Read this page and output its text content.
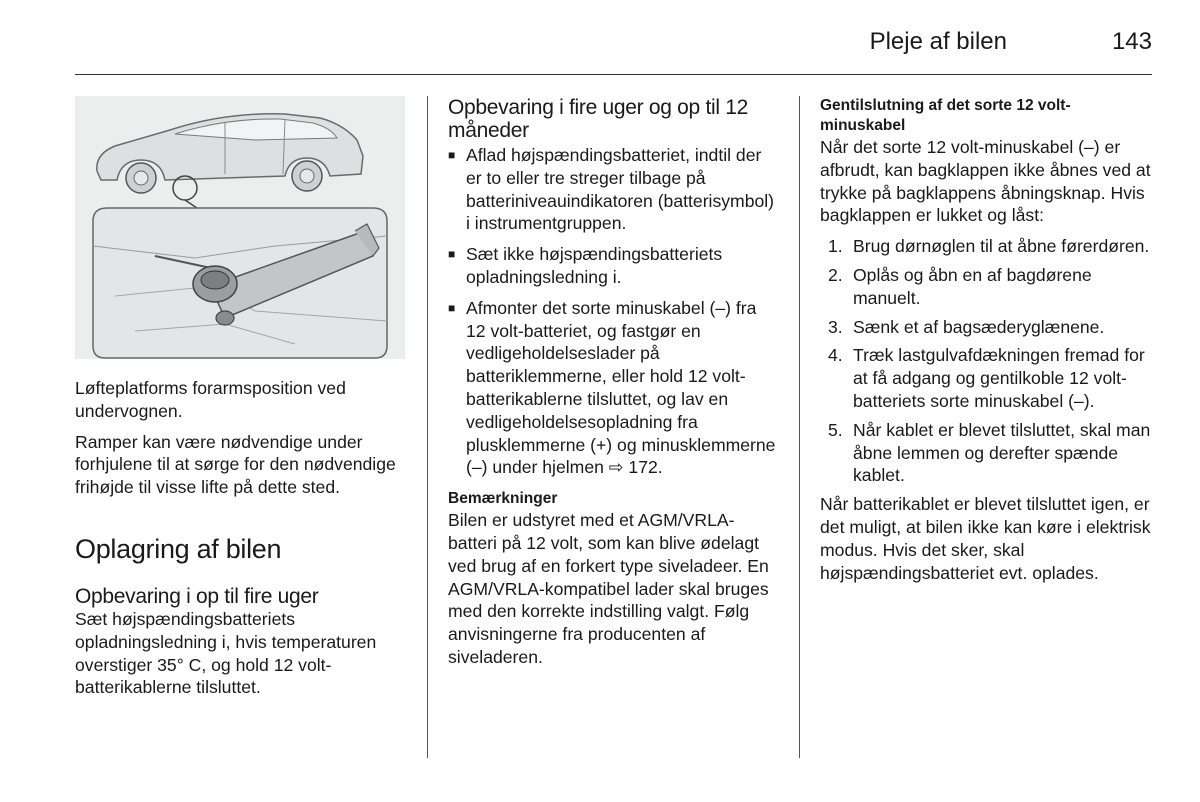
Pleje af bilen	143

Løfteplatforms forarmsposition ved undervognen.

Ramper kan være nødvendige under forhjulene til at sørge for den nødvendige frihøjde til visse lifte på dette sted.

Oplagring af bilen
Opbevaring i op til fire uger

Sæt højspændingsbatteriets opladningsledning i, hvis temperaturen overstiger 35° C, og hold 12 volt-batterikablerne tilsluttet.

Opbevaring i fire uger og op til 12 måneder
■ Aflad højspændingsbatteriet, indtil der er to eller tre streger tilbage på batteriniveauindikatoren (batterisymbol) i instrumentgruppen.
■ Sæt ikke højspændingsbatteriets opladningsledning i.
■ Afmonter det sorte minuskabel (–) fra 12 volt-batteriet, og fastgør en vedligeholdelseslader på batteriklemmerne, eller hold 12 volt-batterikablerne tilsluttet, og lav en vedligeholdelsesopladning fra plusklemmerne (+) og minusklemmerne (–) under hjelmen ⇨ 172.
Bemærkninger

Bilen er udstyret med et AGM/VRLA-batteri på 12 volt, som kan blive ødelagt ved brug af en forkert type siveladeer. En AGM/VRLA-kompatibel lader skal bruges med den korrekte indstilling valgt. Følg anvisningerne fra producenten af siveladeren.

Gentilslutning af det sorte 12 volt-minuskabel

Når det sorte 12 volt-minuskabel (–) er afbrudt, kan bagklappen ikke åbnes ved at trykke på bagklappens åbningsknap. Hvis bagklappen er lukket og låst:

1. Brug dørnøglen til at åbne førerdøren.
2. Oplås og åbn en af bagdørene manuelt.
3. Sænk et af bagsæderyglænene.
4. Træk lastgulvafdækningen fremad for at få adgang og gentilkoble 12 volt-batteriets sorte minuskabel (–).
5. Når kablet er blevet tilsluttet, skal man åbne lemmen og derefter spænde kablet.

Når batterikablet er blevet tilsluttet igen, er det muligt, at bilen ikke kan køre i elektrisk modus. Hvis det sker, skal højspændingsbatteriet evt. oplades.
